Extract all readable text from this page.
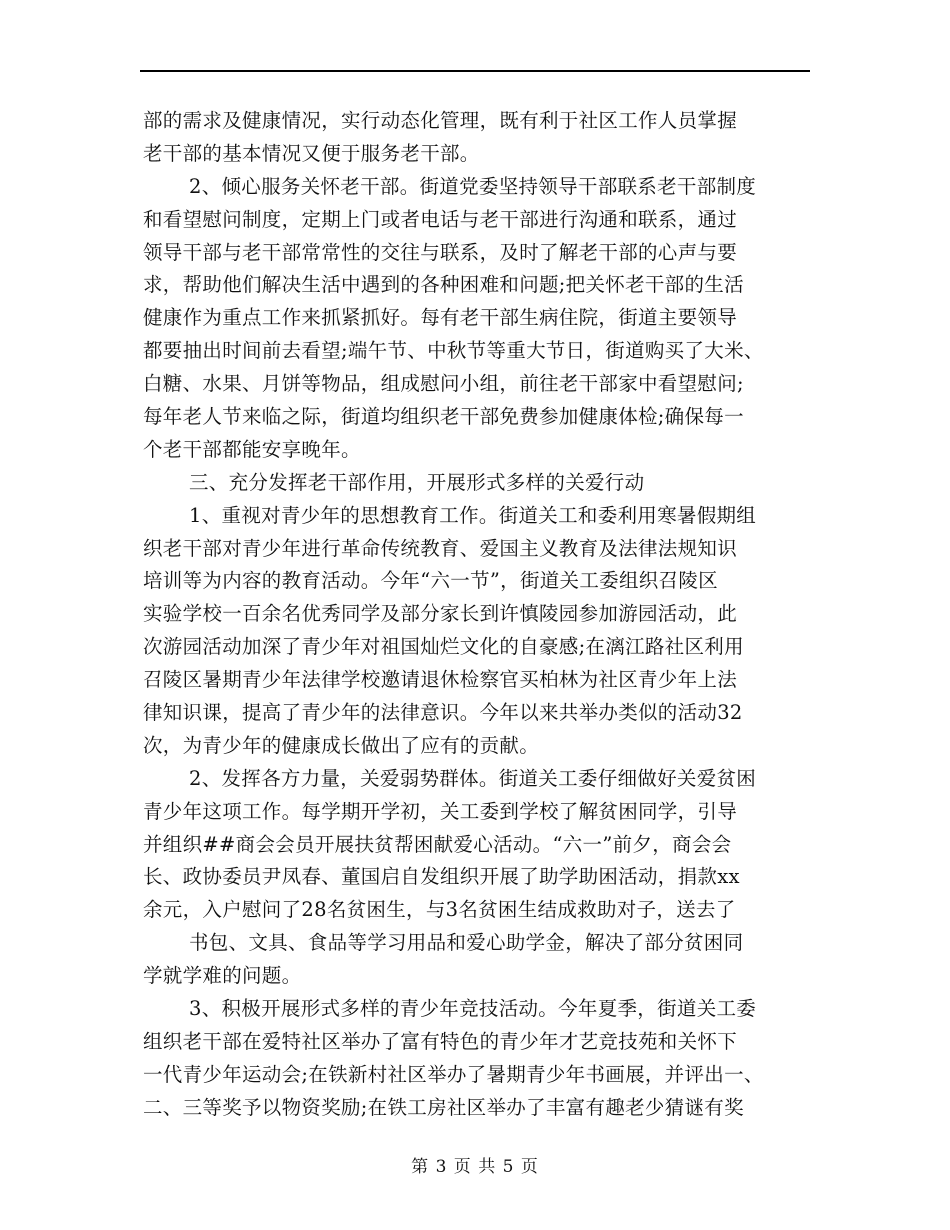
部的需求及健康情况，实行动态化管理，既有利于社区工作人员掌握
老干部的基本情况又便于服务老干部。
2、倾心服务关怀老干部。街道党委坚持领导干部联系老干部制度
和看望慰问制度，定期上门或者电话与老干部进行沟通和联系，通过
领导干部与老干部常常性的交往与联系，及时了解老干部的心声与要
求，帮助他们解决生活中遇到的各种困难和问题;把关怀老干部的生活
健康作为重点工作来抓紧抓好。每有老干部生病住院，街道主要领导
都要抽出时间前去看望;端午节、中秋节等重大节日，街道购买了大米、
白糖、水果、月饼等物品，组成慰问小组，前往老干部家中看望慰问;
每年老人节来临之际，街道均组织老干部免费参加健康体检;确保每一
个老干部都能安享晚年。
三、充分发挥老干部作用，开展形式多样的关爱行动
1、重视对青少年的思想教育工作。街道关工和委利用寒暑假期组
织老干部对青少年进行革命传统教育、爱国主义教育及法律法规知识
培训等为内容的教育活动。今年“六一节”，街道关工委组织召陵区
实验学校一百余名优秀同学及部分家长到许慎陵园参加游园活动，此
次游园活动加深了青少年对祖国灿烂文化的自豪感;在漓江路社区利用
召陵区暑期青少年法律学校邀请退休检察官买柏林为社区青少年上法
律知识课，提高了青少年的法律意识。今年以来共举办类似的活动32
次，为青少年的健康成长做出了应有的贡献。
2、发挥各方力量，关爱弱势群体。街道关工委仔细做好关爱贫困
青少年这项工作。每学期开学初，关工委到学校了解贫困同学，引导
并组织##商会会员开展扶贫帮困献爱心活动。“六一”前夕，商会会
长、政协委员尹凤春、董国启自发组织开展了助学助困活动，捐款xx
余元，入户慰问了28名贫困生，与3名贫困生结成救助对子，送去了
书包、文具、食品等学习用品和爱心助学金，解决了部分贫困同
学就学难的问题。
3、积极开展形式多样的青少年竞技活动。今年夏季，街道关工委
组织老干部在爱特社区举办了富有特色的青少年才艺竞技苑和关怀下
一代青少年运动会;在铁新村社区举办了暑期青少年书画展，并评出一、
二、三等奖予以物资奖励;在铁工房社区举办了丰富有趣老少猜谜有奖
第 3 页 共 5 页
